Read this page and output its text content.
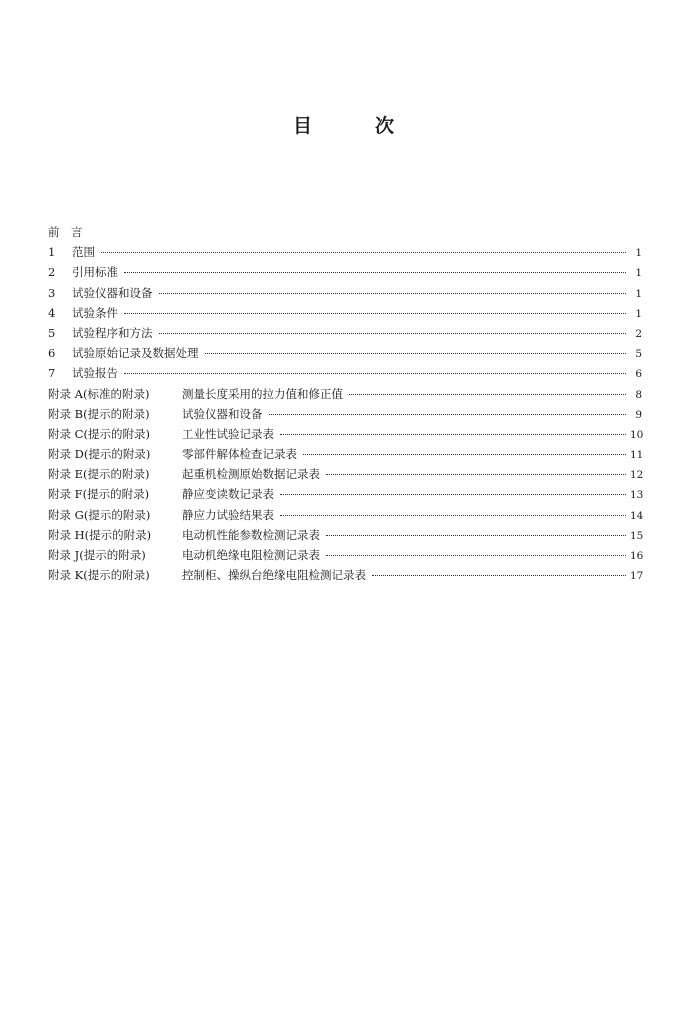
目	次
前　言
1	范围	1
2	引用标准	1
3	试验仪器和设备	1
4	试验条件	1
5	试验程序和方法	2
6	试验原始记录及数据处理	5
7	试验报告	6
附录 A(标准的附录)	测量长度采用的拉力值和修正值	8
附录 B(提示的附录)	试验仪器和设备	9
附录 C(提示的附录)	工业性试验记录表	10
附录 D(提示的附录)	零部件解体检查记录表	11
附录 E(提示的附录)	起重机检测原始数据记录表	12
附录 F(提示的附录)	静应变读数记录表	13
附录 G(提示的附录)	静应力试验结果表	14
附录 H(提示的附录)	电动机性能参数检测记录表	15
附录 J(提示的附录)	电动机绝缘电阻检测记录表	16
附录 K(提示的附录)	控制柜、操纵台绝缘电阻检测记录表	17
